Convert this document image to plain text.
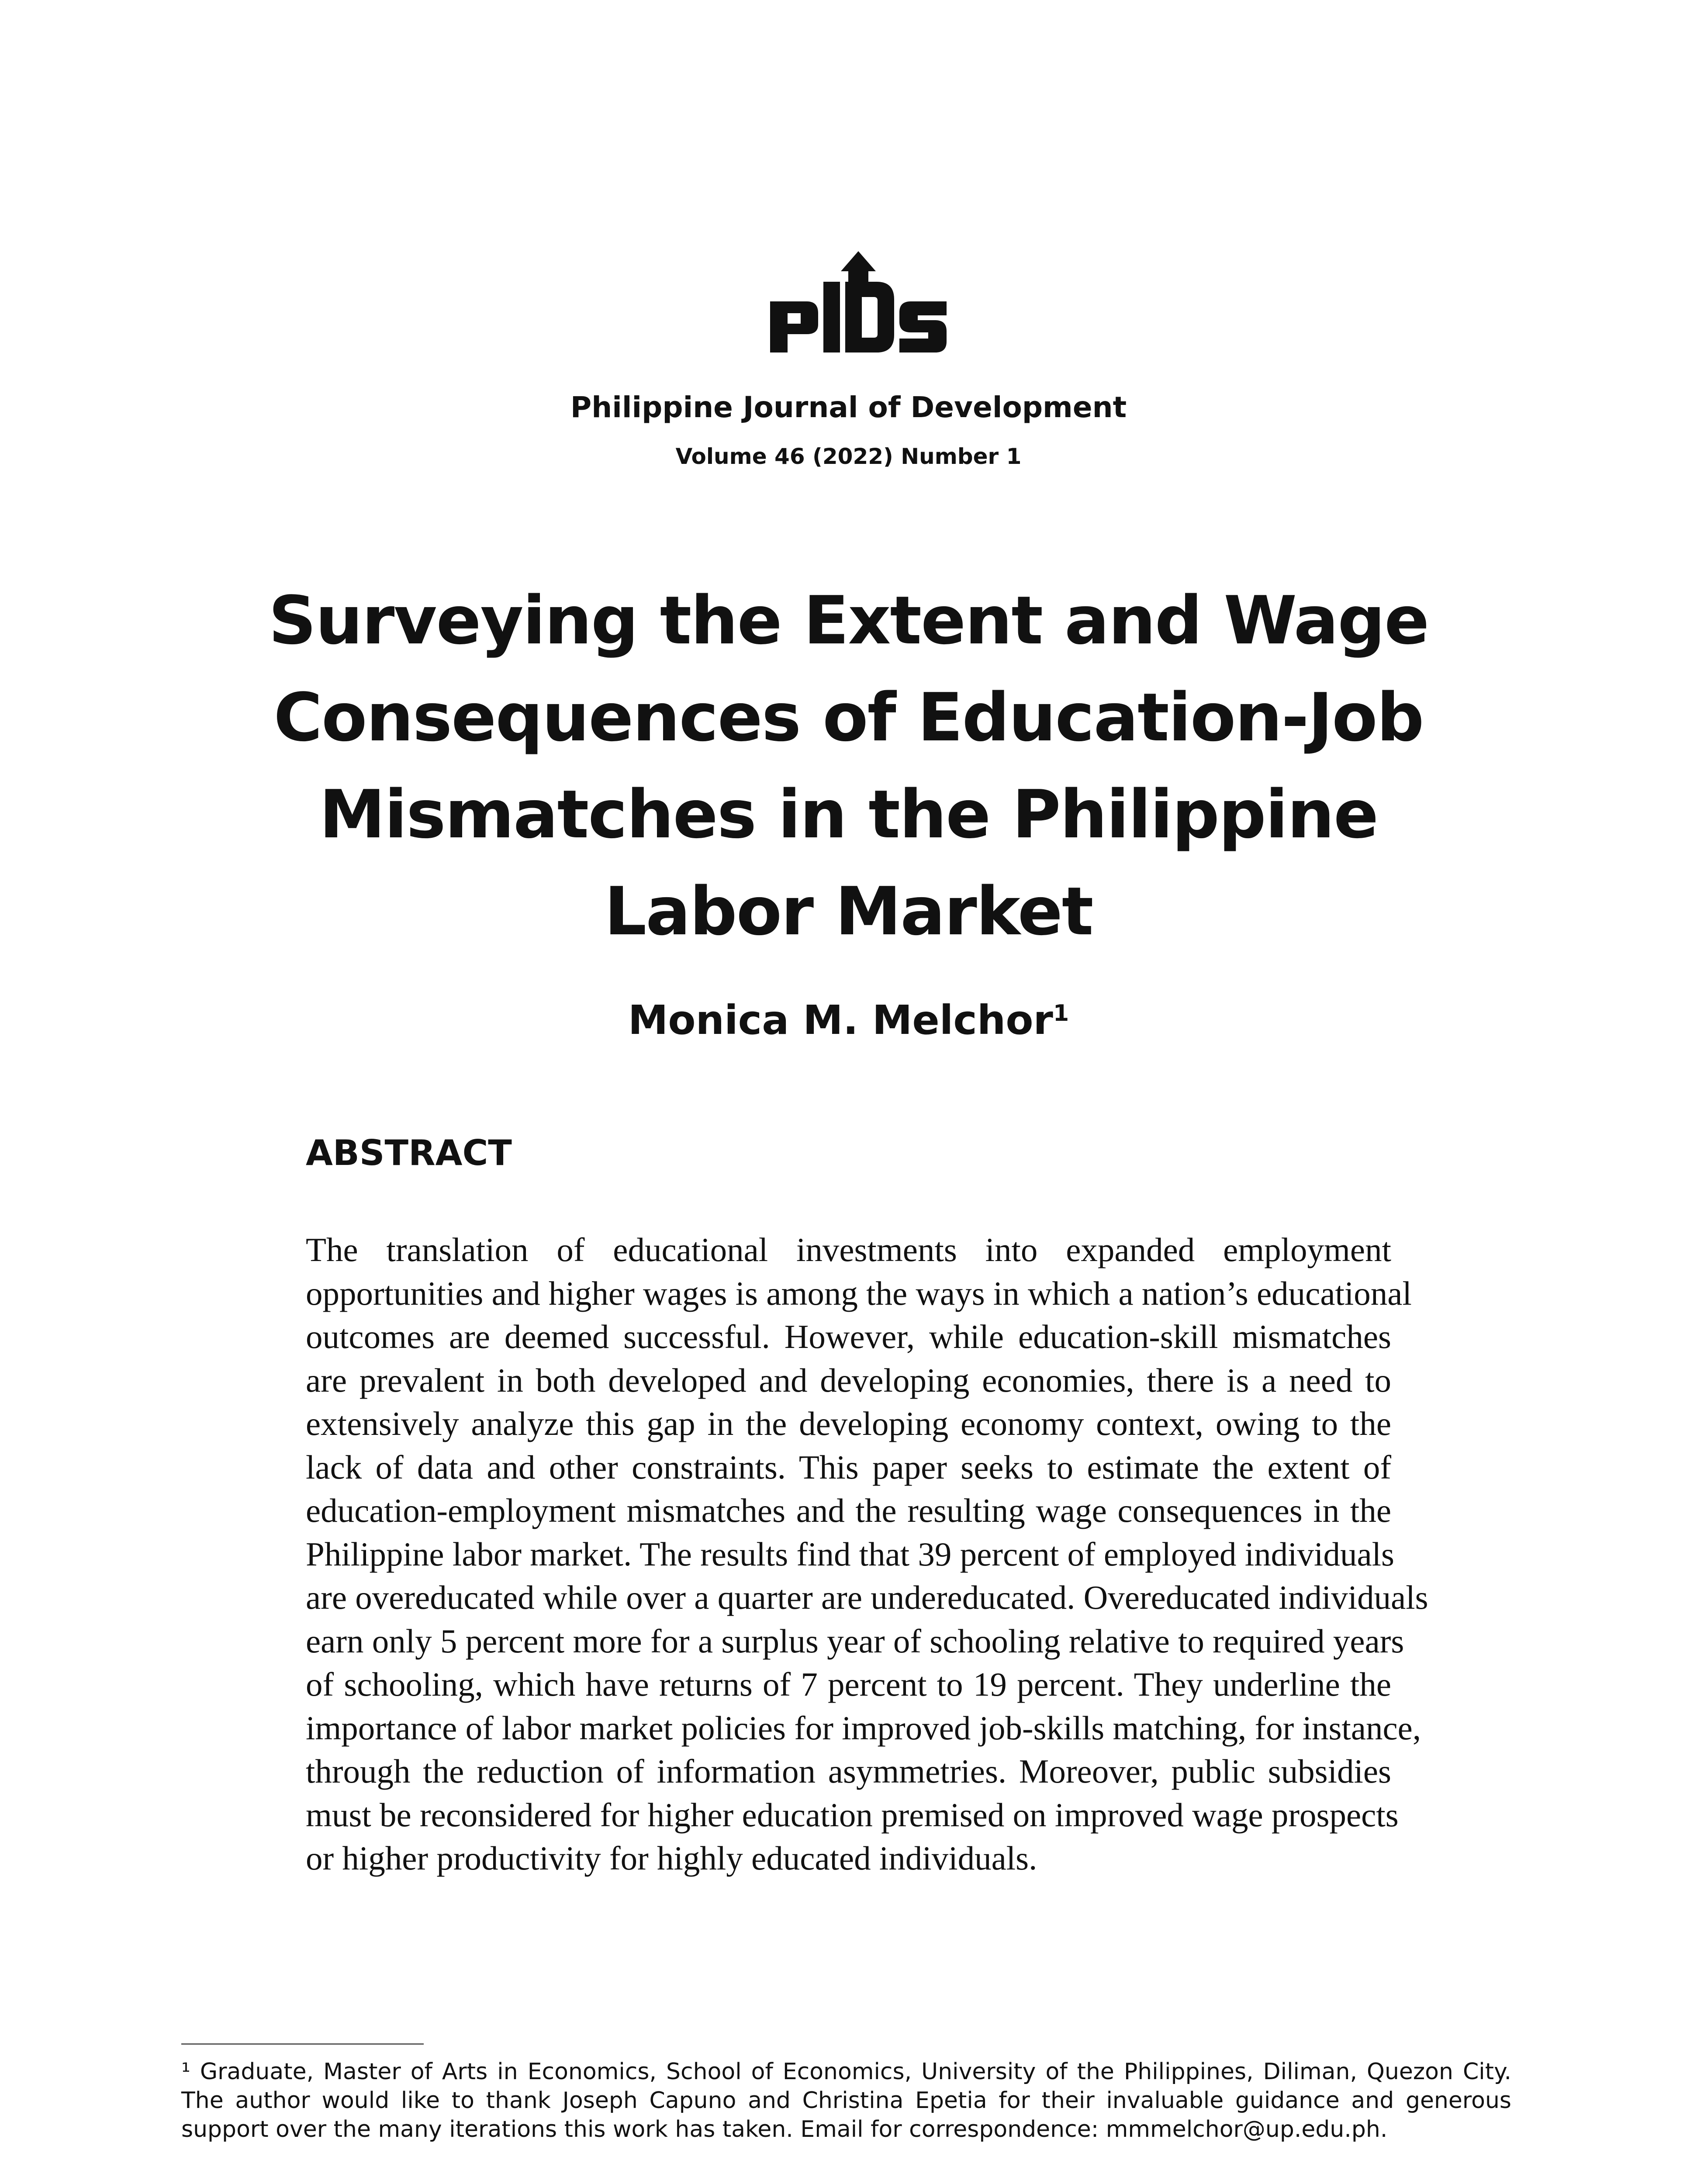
Philippine Journal of Development
Volume 46 (2022) Number 1
Surveying the Extent and Wage
Consequences of Education-Job
Mismatches in the Philippine
Labor Market
Monica M. Melchor$^1$
ABSTRACT
The translation of educational investments into expanded employment
opportunities and higher wages is among the ways in which a nation’s educational
outcomes are deemed successful. However, while education-skill mismatches
are prevalent in both developed and developing economies, there is a need to
extensively analyze this gap in the developing economy context, owing to the
lack of data and other constraints. This paper seeks to estimate the extent of
education-employment mismatches and the resulting wage consequences in the
Philippine labor market. The results find that 39 percent of employed individuals
are overeducated while over a quarter are undereducated. Overeducated individuals
earn only 5 percent more for a surplus year of schooling relative to required years
of schooling, which have returns of 7 percent to 19 percent. They underline the
importance of labor market policies for improved job-skills matching, for instance,
through the reduction of information asymmetries. Moreover, public subsidies
must be reconsidered for higher education premised on improved wage prospects
or higher productivity for highly educated individuals.
¹ Graduate, Master of Arts in Economics, School of Economics, University of the Philippines, Diliman, Quezon City.
The author would like to thank Joseph Capuno and Christina Epetia for their invaluable guidance and generous
support over the many iterations this work has taken. Email for correspondence: mmmelchor@up.edu.ph.
